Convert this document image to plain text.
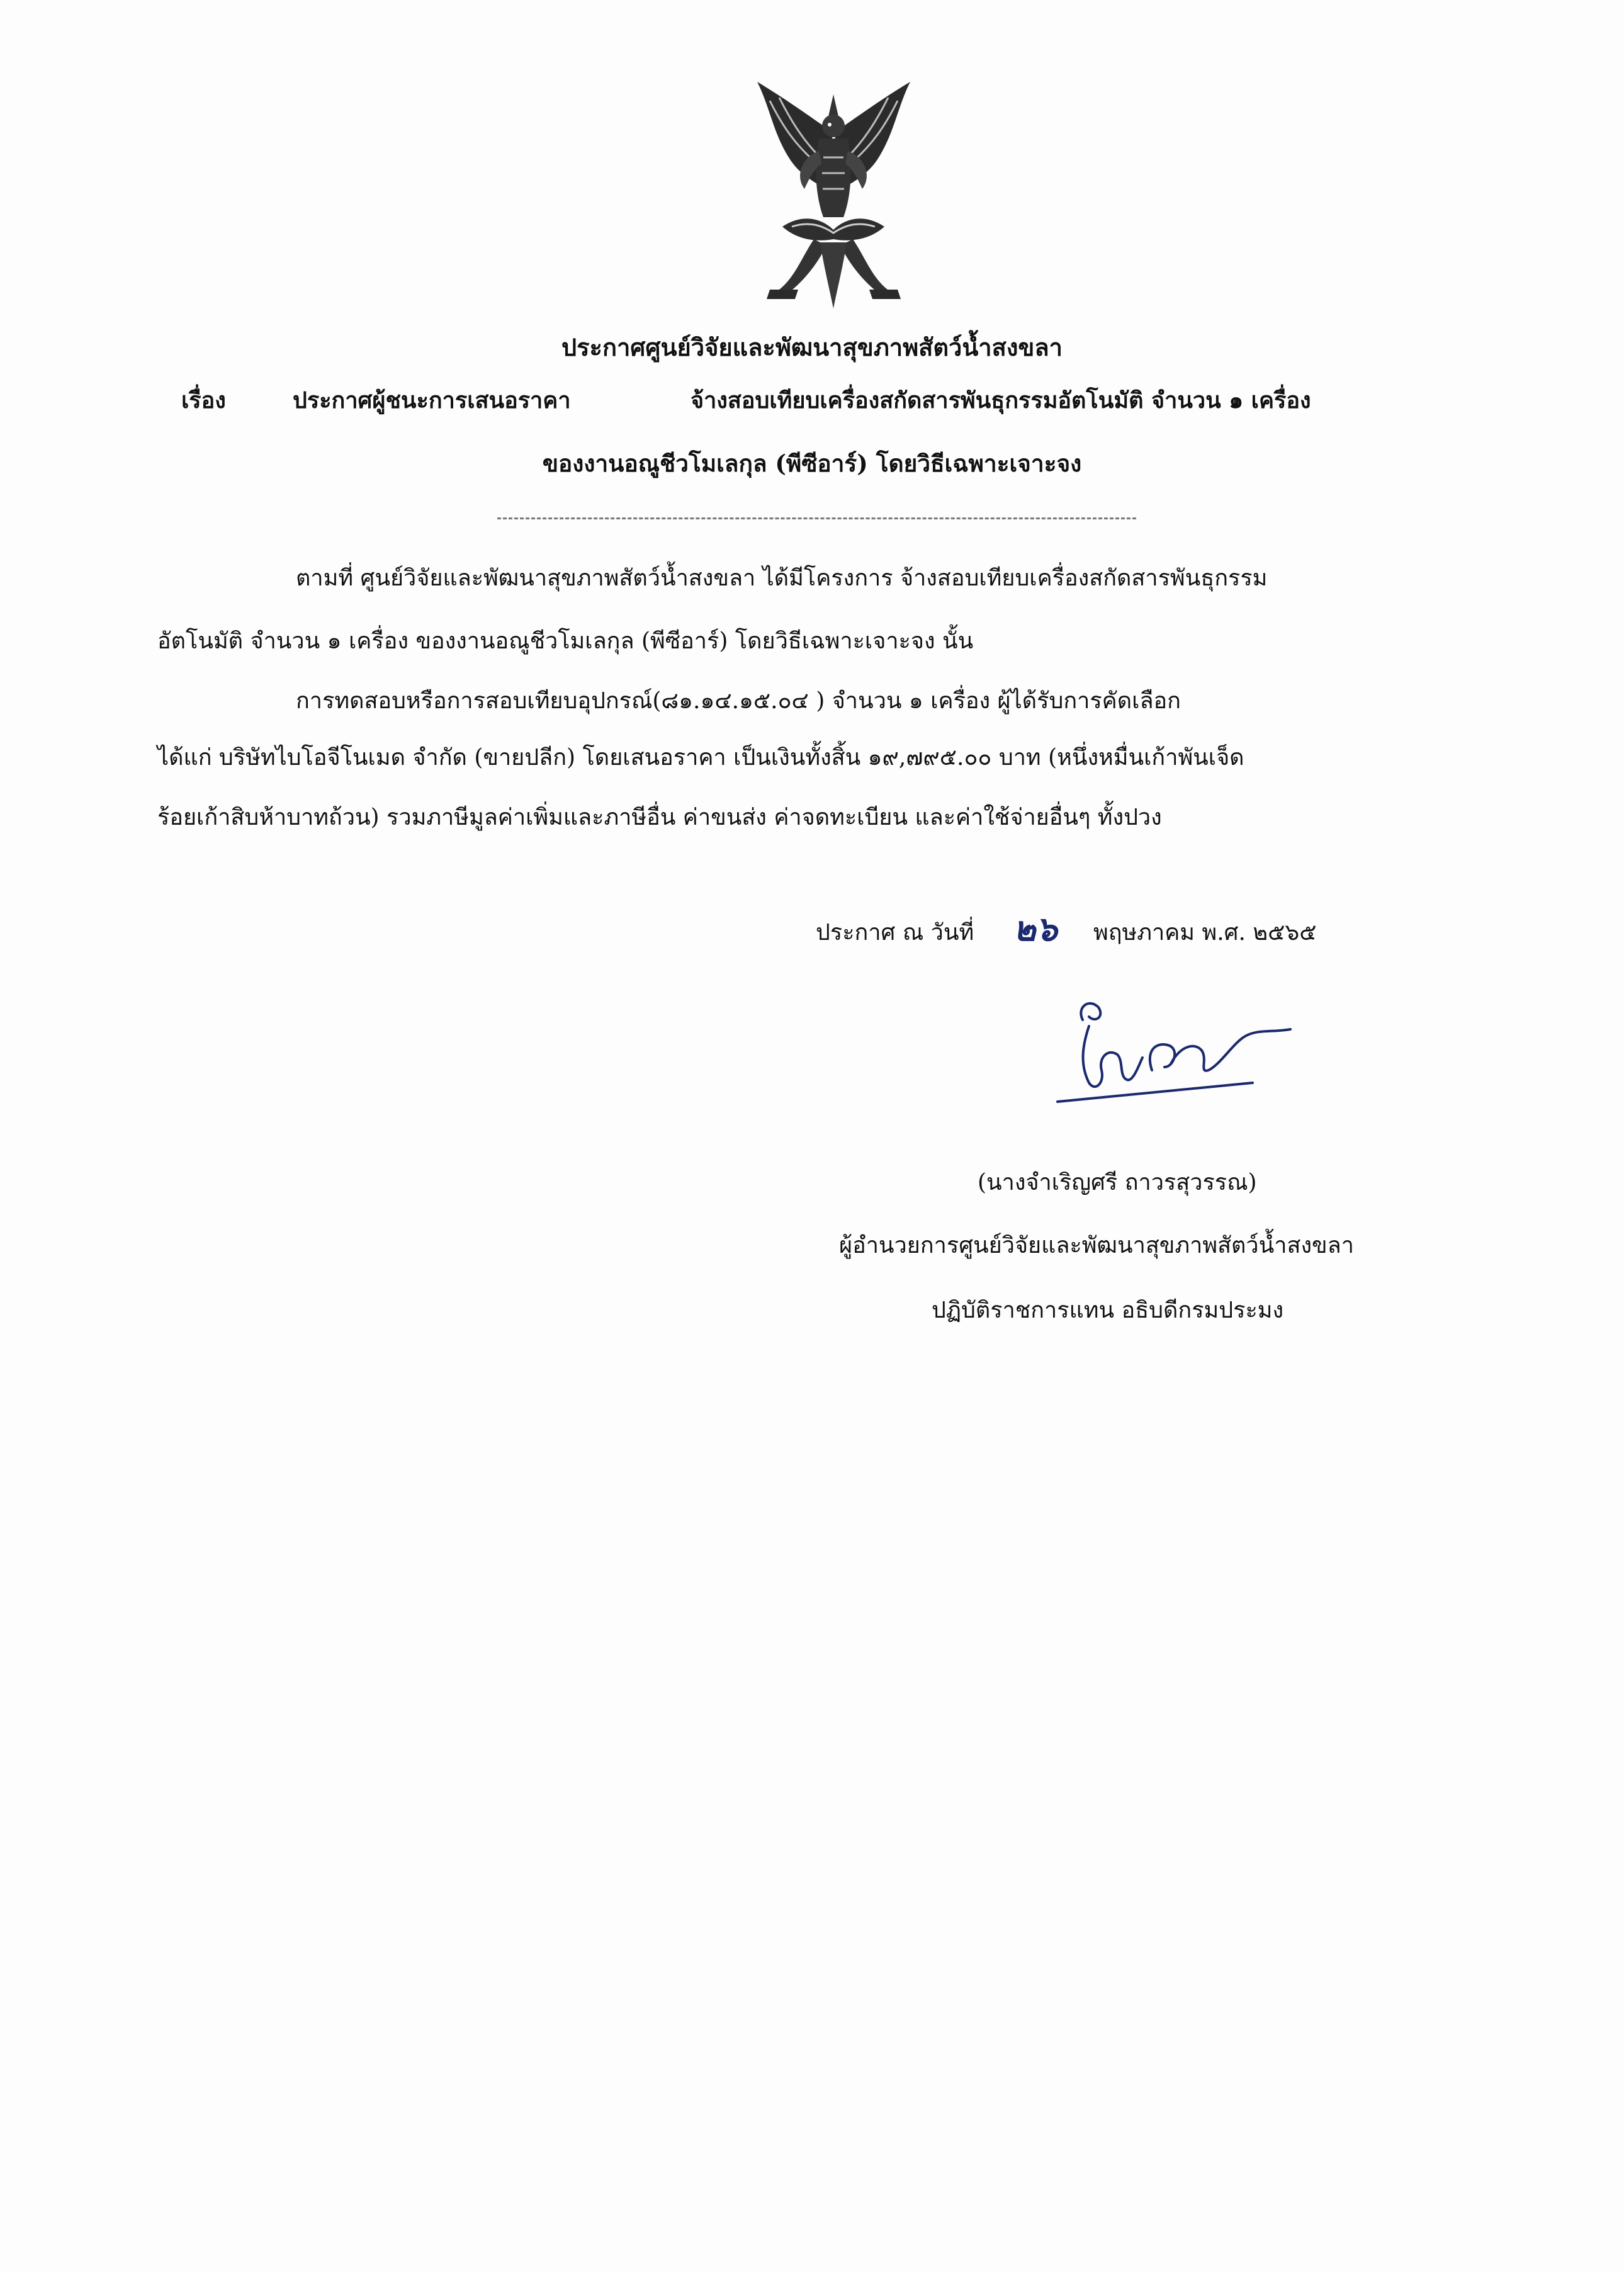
ประกาศศูนย์วิจัยและพัฒนาสุขภาพสัตว์น้ำสงขลา
เรื่อง	ประกาศผู้ชนะการเสนอราคา	จ้างสอบเทียบเครื่องสกัดสารพันธุกรรมอัตโนมัติ จำนวน ๑ เครื่อง
ของงานอณูชีวโมเลกุล (พีซีอาร์) โดยวิธีเฉพาะเจาะจง
ตามที่ ศูนย์วิจัยและพัฒนาสุขภาพสัตว์น้ำสงขลา ได้มีโครงการ จ้างสอบเทียบเครื่องสกัดสารพันธุกรรม
อัตโนมัติ จำนวน ๑ เครื่อง ของงานอณูชีวโมเลกุล (พีซีอาร์) โดยวิธีเฉพาะเจาะจง นั้น
การทดสอบหรือการสอบเทียบอุปกรณ์(๘๑.๑๔.๑๕.๐๔ ) จำนวน ๑ เครื่อง ผู้ได้รับการคัดเลือก
ได้แก่ บริษัทไบโอจีโนเมด จำกัด (ขายปลีก) โดยเสนอราคา เป็นเงินทั้งสิ้น ๑๙,๗๙๕.๐๐ บาท (หนึ่งหมื่นเก้าพันเจ็ด
ร้อยเก้าสิบห้าบาทถ้วน) รวมภาษีมูลค่าเพิ่มและภาษีอื่น ค่าขนส่ง ค่าจดทะเบียน และค่าใช้จ่ายอื่นๆ ทั้งปวง
ประกาศ ณ วันที่ ๒๖ พฤษภาคม พ.ศ. ๒๕๖๕
(นางจำเริญศรี ถาวรสุวรรณ)
ผู้อำนวยการศูนย์วิจัยและพัฒนาสุขภาพสัตว์น้ำสงขลา
ปฏิบัติราชการแทน อธิบดีกรมประมง
